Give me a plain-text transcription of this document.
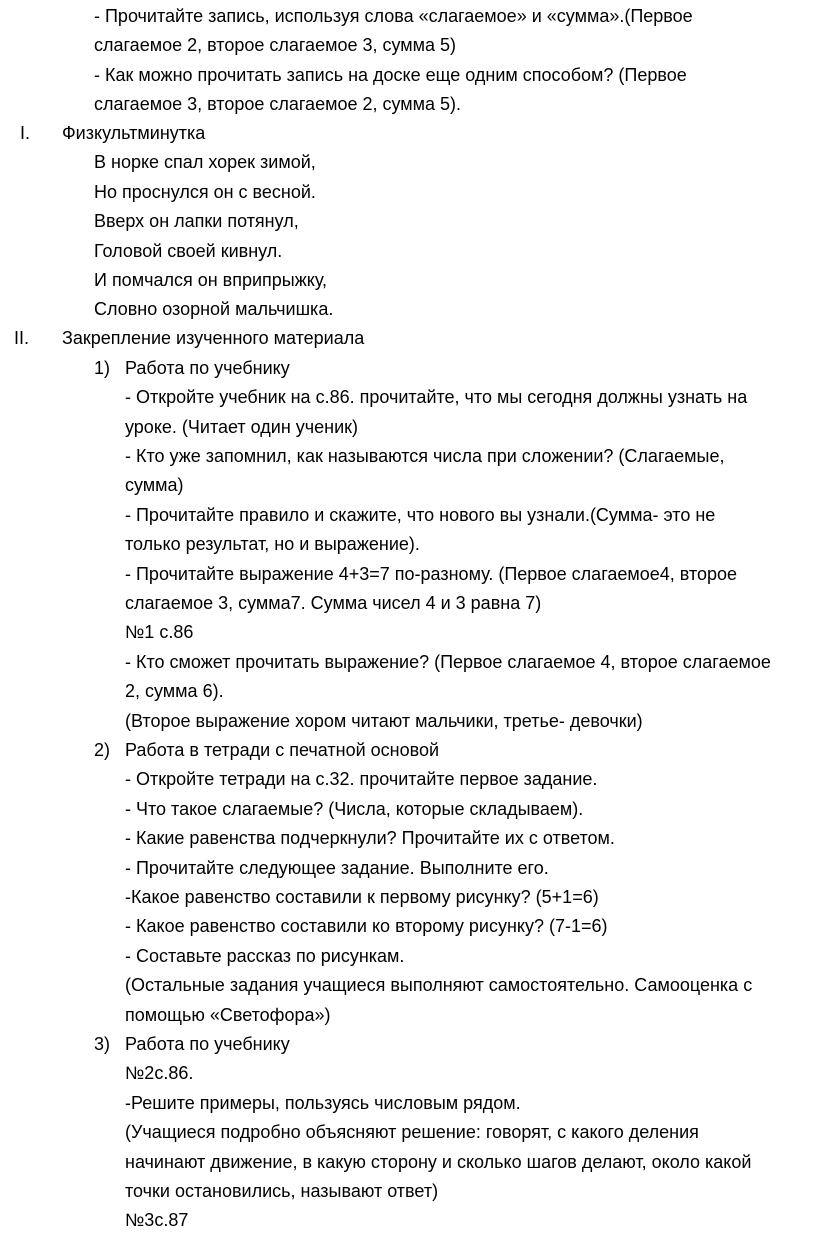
- Прочитайте запись, используя слова «слагаемое» и «сумма».(Первое
слагаемое 2, второе слагаемое 3, сумма 5)
- Как можно прочитать запись на доске еще одним способом? (Первое
слагаемое 3, второе слагаемое 2, сумма 5).
I. Физкультминутка
В норке спал хорек зимой,
Но проснулся он с весной.
Вверх он лапки потянул,
Головой своей кивнул.
И помчался он вприпрыжку,
Словно озорной мальчишка.
II. Закрепление изученного материала
1) Работа по учебнику
- Откройте учебник на с.86. прочитайте, что мы сегодня должны узнать на
уроке. (Читает один ученик)
- Кто уже запомнил, как называются числа при сложении? (Слагаемые,
сумма)
- Прочитайте правило и скажите, что нового вы узнали.(Сумма- это не
только результат, но и выражение).
- Прочитайте выражение 4+3=7 по-разному. (Первое слагаемое4, второе
слагаемое 3, сумма7. Сумма чисел 4 и 3 равна 7)
№1 с.86
- Кто сможет прочитать выражение? (Первое слагаемое 4, второе слагаемое
2, сумма 6).
(Второе выражение хором читают мальчики, третье- девочки)
2) Работа в тетради с печатной основой
- Откройте тетради на с.32. прочитайте первое задание.
- Что такое слагаемые? (Числа, которые складываем).
- Какие равенства подчеркнули? Прочитайте их с ответом.
- Прочитайте следующее задание. Выполните его.
-Какое равенство составили к первому рисунку? (5+1=6)
- Какое равенство составили ко второму рисунку? (7-1=6)
- Составьте рассказ по рисункам.
(Остальные задания учащиеся выполняют самостоятельно. Самооценка с
помощью «Светофора»)
3) Работа по учебнику
№2с.86.
-Решите примеры, пользуясь числовым рядом.
(Учащиеся подробно объясняют решение: говорят, с какого деления
начинают движение, в какую сторону и сколько шагов делают, около какой
точки остановились, называют ответ)
№3с.87
